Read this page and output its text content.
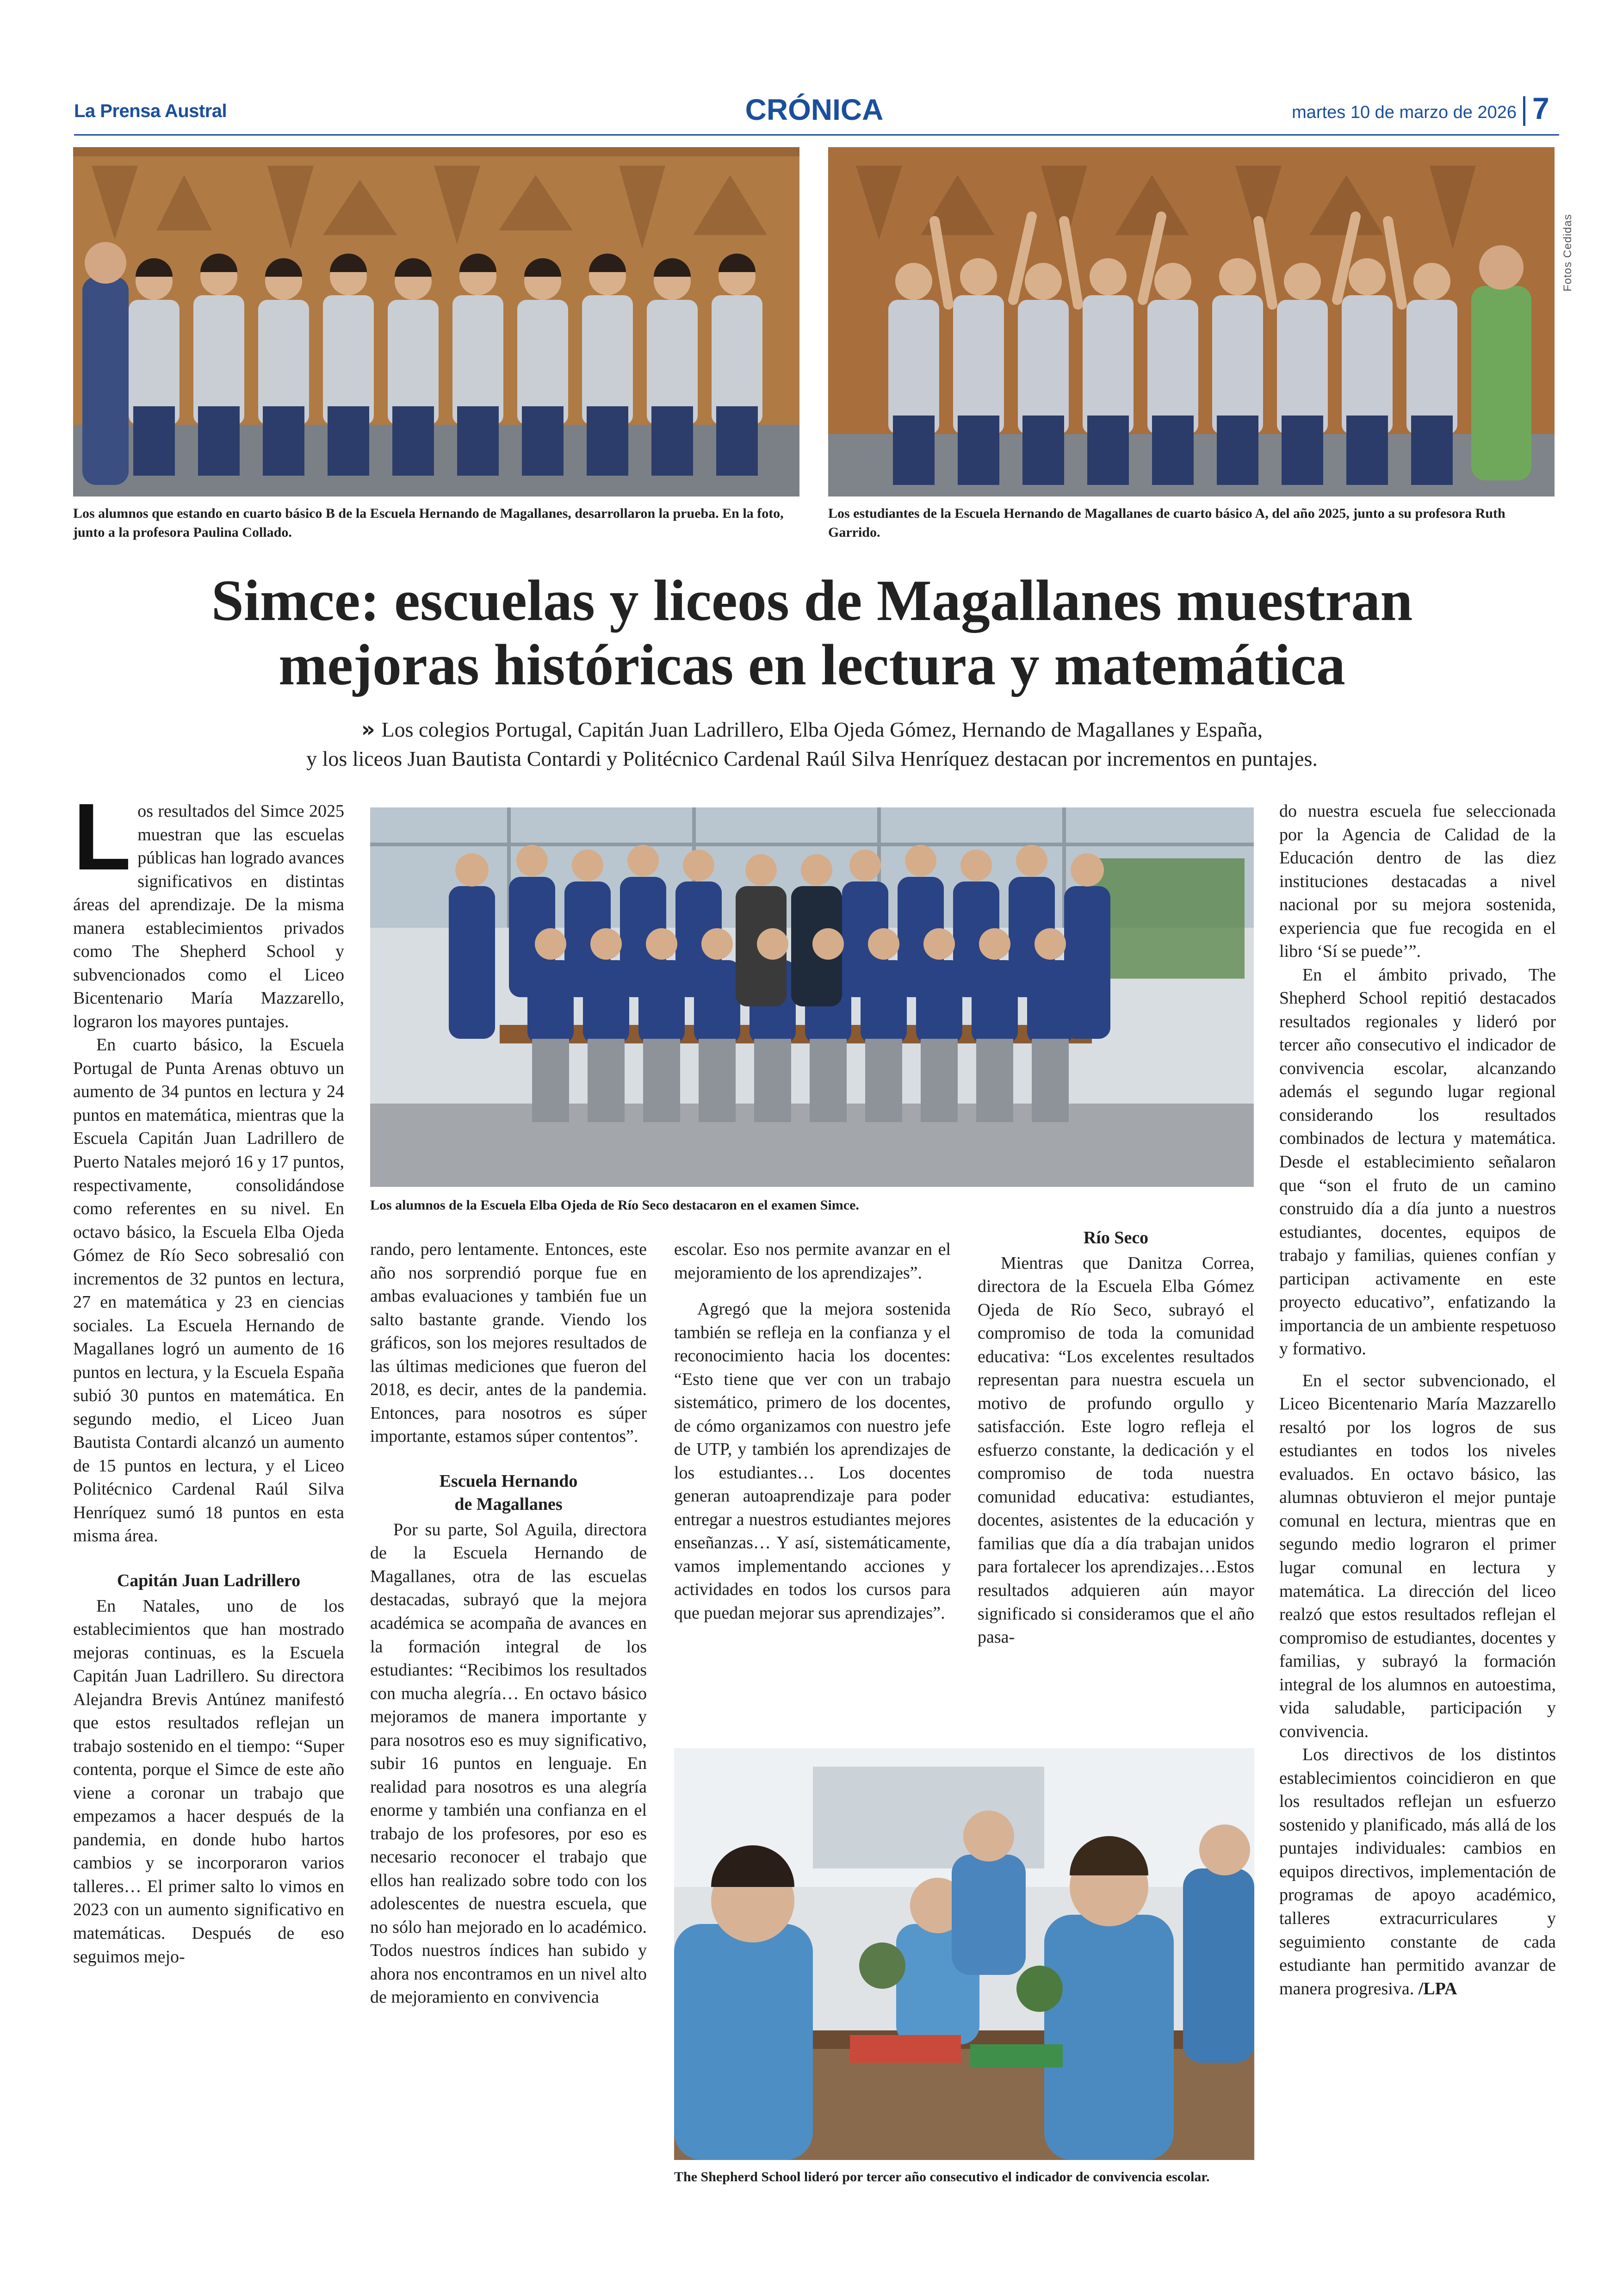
La Prensa Austral	CRÓNICA	martes 10 de marzo de 2026 7
Fotos Cedidas
Los alumnos que estando en cuarto básico B de la Escuela Hernando de Magallanes, desarrollaron la prueba. En la foto, junto a la profesora Paulina Collado.
Los estudiantes de la Escuela Hernando de Magallanes de cuarto básico A, del año 2025, junto a su profesora Ruth Garrido.
Simce: escuelas y liceos de Magallanes muestran
mejoras históricas en lectura y matemática
» Los colegios Portugal, Capitán Juan Ladrillero, Elba Ojeda Gómez, Hernando de Magallanes y España,
y los liceos Juan Bautista Contardi y Politécnico Cardenal Raúl Silva Henríquez destacan por incrementos en puntajes.

Los resultados del Simce 2025 muestran que las escuelas públicas han logrado avances significativos en distintas áreas del aprendizaje. De la misma manera establecimientos privados como The Shepherd School y subvencionados como el Liceo Bicentenario María Mazzarello, lograron los mayores puntajes.

En cuarto básico, la Escuela Portugal de Punta Arenas obtuvo un aumento de 34 puntos en lectura y 24 puntos en matemática, mientras que la Escuela Capitán Juan Ladrillero de Puerto Natales mejoró 16 y 17 puntos, respectivamente, consolidándose como referentes en su nivel. En octavo básico, la Escuela Elba Ojeda Gómez de Río Seco sobresalió con incrementos de 32 puntos en lectura, 27 en matemática y 23 en ciencias sociales. La Escuela Hernando de Magallanes logró un aumento de 16 puntos en lectura, y la Escuela España subió 30 puntos en matemática. En segundo medio, el Liceo Juan Bautista Contardi alcanzó un aumento de 15 puntos en lectura, y el Liceo Politécnico Cardenal Raúl Silva Henríquez sumó 18 puntos en esta misma área.

Capitán Juan Ladrillero

En Natales, uno de los establecimientos que han mostrado mejoras continuas, es la Escuela Capitán Juan Ladrillero. Su directora Alejandra Brevis Antúnez manifestó que estos resultados reflejan un trabajo sostenido en el tiempo: “Super contenta, porque el Simce de este año viene a coronar un trabajo que empezamos a hacer después de la pandemia, en donde hubo hartos cambios y se incorporaron varios talleres… El primer salto lo vimos en 2023 con un aumento significativo en matemáticas. Después de eso seguimos mejo-

Los alumnos de la Escuela Elba Ojeda de Río Seco destacaron en el examen Simce.

rando, pero lentamente. Entonces, este año nos sorprendió porque fue en ambas evaluaciones y también fue un salto bastante grande. Viendo los gráficos, son los mejores resultados de las últimas mediciones que fueron del 2018, es decir, antes de la pandemia. Entonces, para nosotros es súper importante, estamos súper contentos”.

Escuela Hernando
de Magallanes

Por su parte, Sol Aguila, directora de la Escuela Hernando de Magallanes, otra de las escuelas destacadas, subrayó que la mejora académica se acompaña de avances en la formación integral de los estudiantes: “Recibimos los resultados con mucha alegría… En octavo básico mejoramos de manera importante y para nosotros eso es muy significativo, subir 16 puntos en lenguaje. En realidad para nosotros es una alegría enorme y también una confianza en el trabajo de los profesores, por eso es necesario reconocer el trabajo que ellos han realizado sobre todo con los adolescentes de nuestra escuela, que no sólo han mejorado en lo académico. Todos nuestros índices han subido y ahora nos encontramos en un nivel alto de mejoramiento en convivencia

escolar. Eso nos permite avanzar en el mejoramiento de los aprendizajes”.

Agregó que la mejora sostenida también se refleja en la confianza y el reconocimiento hacia los docentes: “Esto tiene que ver con un trabajo sistemático, primero de los docentes, de cómo organizamos con nuestro jefe de UTP, y también los aprendizajes de los estudiantes… Los docentes generan autoaprendizaje para poder entregar a nuestros estudiantes mejores enseñanzas… Y así, sistemáticamente, vamos implementando acciones y actividades en todos los cursos para que puedan mejorar sus aprendizajes”.

Río Seco

Mientras que Danitza Correa, directora de la Escuela Elba Gómez Ojeda de Río Seco, subrayó el compromiso de toda la comunidad educativa: “Los excelentes resultados representan para nuestra escuela un motivo de profundo orgullo y satisfacción. Este logro refleja el esfuerzo constante, la dedicación y el compromiso de toda nuestra comunidad educativa: estudiantes, docentes, asistentes de la educación y familias que día a día trabajan unidos para fortalecer los aprendizajes…Estos resultados adquieren aún mayor significado si consideramos que el año pasa-

The Shepherd School lideró por tercer año consecutivo el indicador de convivencia escolar.

do nuestra escuela fue seleccionada por la Agencia de Calidad de la Educación dentro de las diez instituciones destacadas a nivel nacional por su mejora sostenida, experiencia que fue recogida en el libro ‘Sí se puede’”.

En el ámbito privado, The Shepherd School repitió destacados resultados regionales y lideró por tercer año consecutivo el indicador de convivencia escolar, alcanzando además el segundo lugar regional considerando los resultados combinados de lectura y matemática. Desde el establecimiento señalaron que “son el fruto de un camino construido día a día junto a nuestros estudiantes, docentes, equipos de trabajo y familias, quienes confían y participan activamente en este proyecto educativo”, enfatizando la importancia de un ambiente respetuoso y formativo.

En el sector subvencionado, el Liceo Bicentenario María Mazzarello resaltó por los logros de sus estudiantes en todos los niveles evaluados. En octavo básico, las alumnas obtuvieron el mejor puntaje comunal en lectura, mientras que en segundo medio lograron el primer lugar comunal en lectura y matemática. La dirección del liceo realzó que estos resultados reflejan el compromiso de estudiantes, docentes y familias, y subrayó la formación integral de los alumnos en autoestima, vida saludable, participación y convivencia.

Los directivos de los distintos establecimientos coincidieron en que los resultados reflejan un esfuerzo sostenido y planificado, más allá de los puntajes individuales: cambios en equipos directivos, implementación de programas de apoyo académico, talleres extracurriculares y seguimiento constante de cada estudiante han permitido avanzar de manera progresiva. /LPA
